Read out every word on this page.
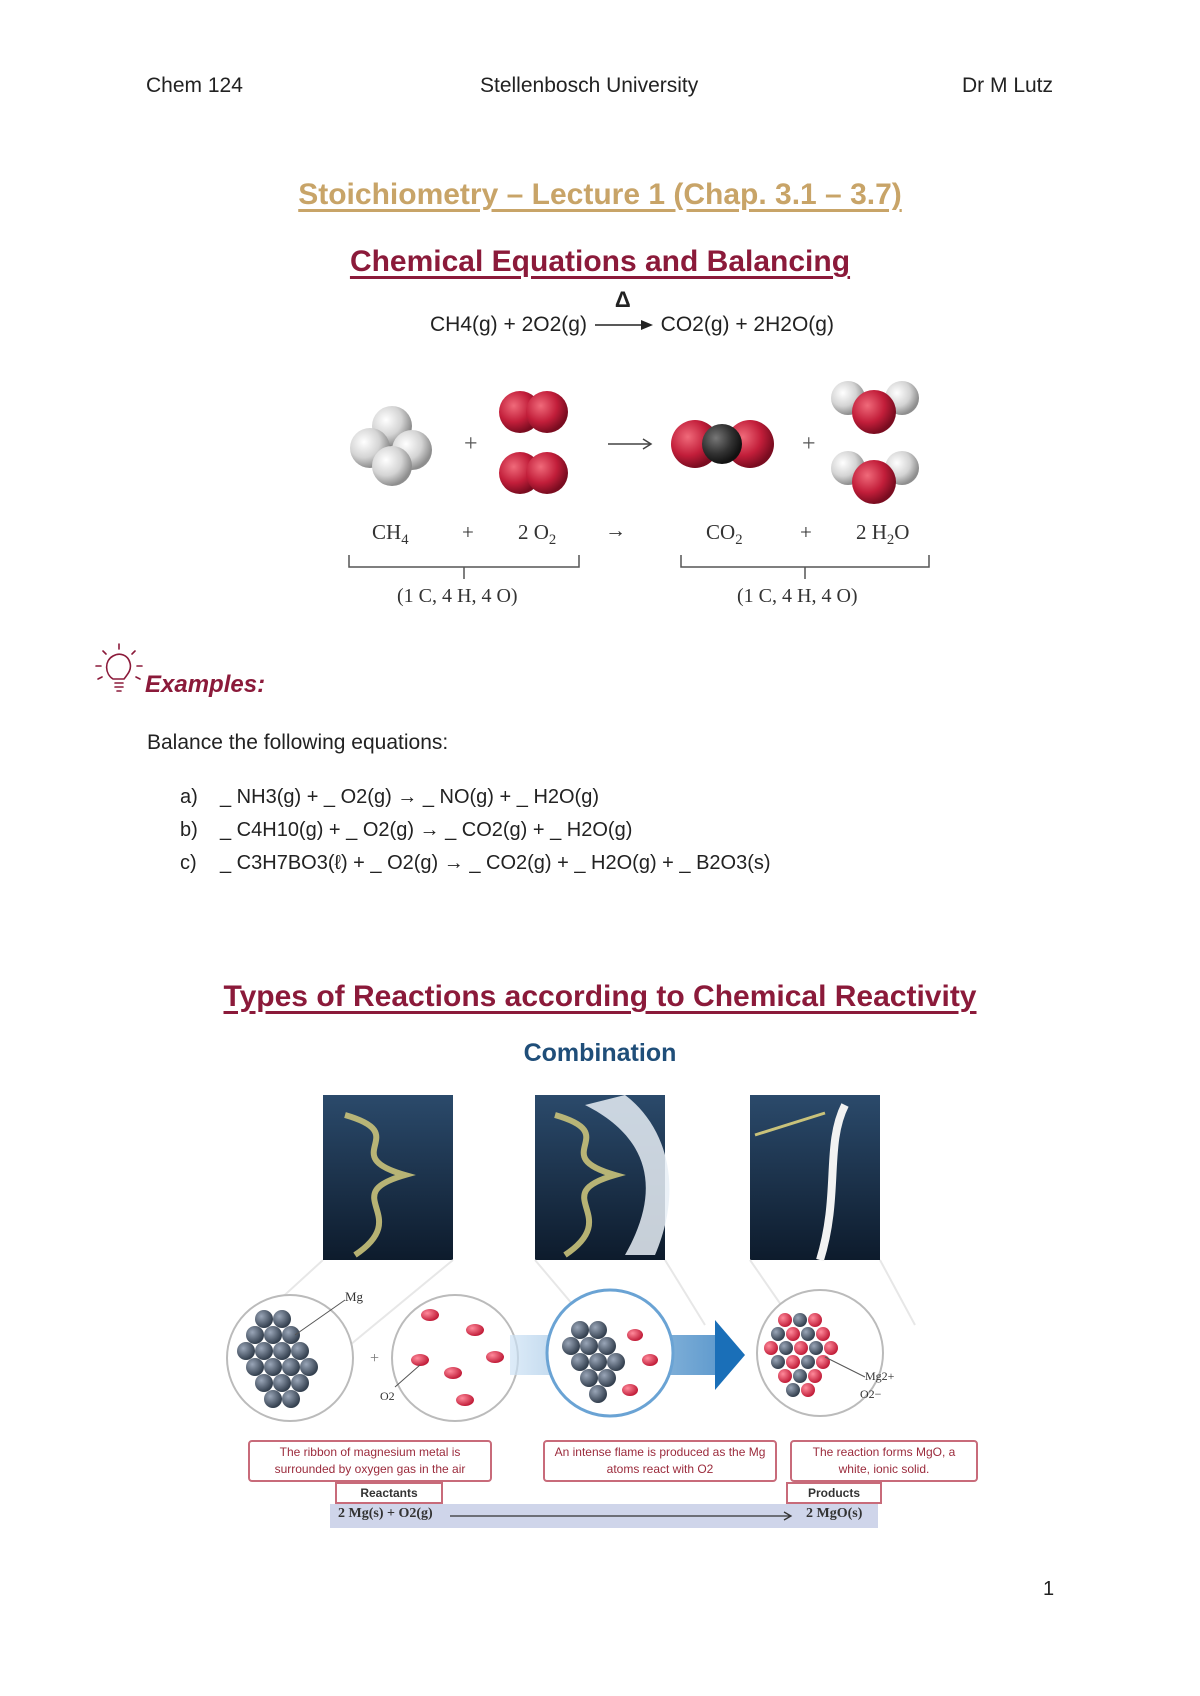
Chem 124	Stellenbosch University	Dr M Lutz
Stoichiometry – Lecture 1 (Chap. 3.1 – 3.7)
Chemical Equations and Balancing
CH4(g) + 2O2(g)
Δ
CO2(g) + 2H2O(g)
+	+
$CH_4$	+ 2 $O_2$ →	$CO_2$	+ 2 $H_2O$
(1 C, 4 H, 4 O)	(1 C, 4 H, 4 O)
Examples:
Balance the following equations:
a) _ NH3(g) + _ O2(g) → _ NO(g) + _ H2O(g)
b) _ C4H10(g) + _ O2(g) → _ CO2(g) + _ H2O(g)
c) _ C3H7BO3(ℓ) + _ O2(g) → _ CO2(g) + _ H2O(g) + _ B2O3(s)
Types of Reactions according to Chemical Reactivity
Combination
Mg
+
O2
Mg2+
O2−
The ribbon of magnesium metal is surrounded by oxygen gas in the air
An intense flame is produced as the Mg atoms react with O2
The reaction forms MgO, a white, ionic solid.
Reactants	Products
2 Mg(s) + O2(g)	2 MgO(s)
1
